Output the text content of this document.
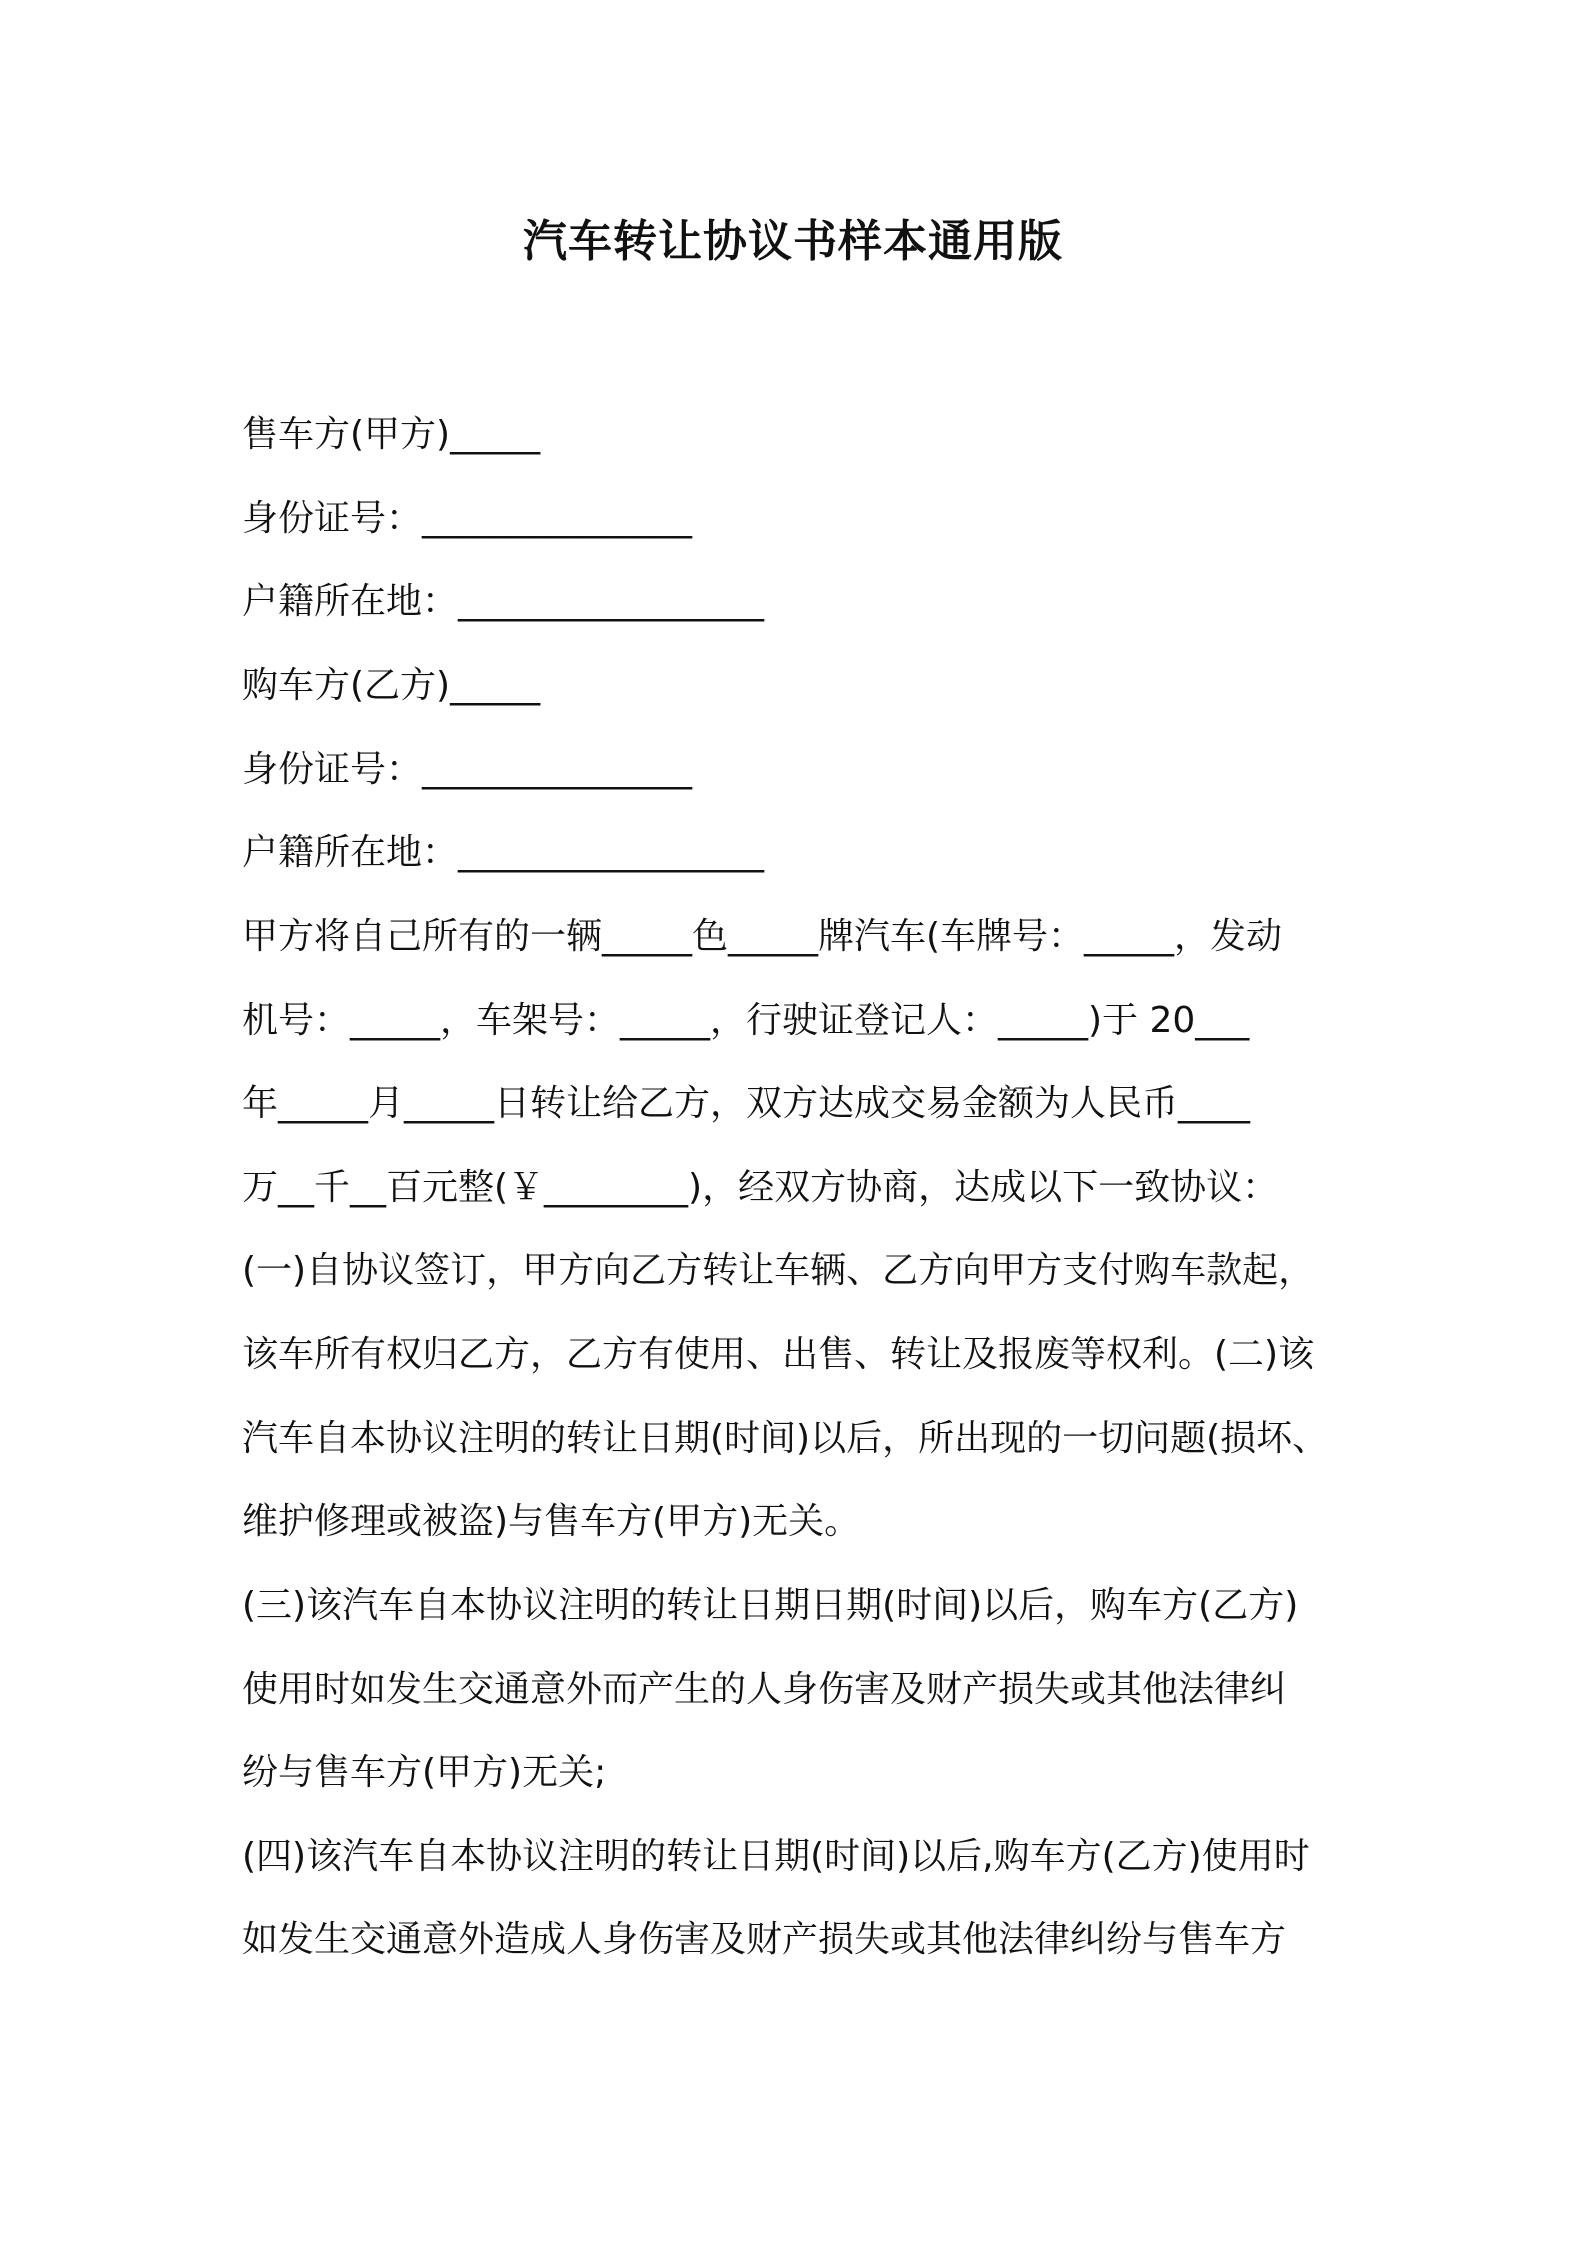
汽车转让协议书样本通用版
售车方(甲方)_____
身份证号：_______________
户籍所在地：_________________
购车方(乙方)_____
身份证号：_______________
户籍所在地：_________________
甲方将自己所有的一辆_____色_____牌汽车(车牌号：_____，发动
机号：_____，车架号：_____，行驶证登记人：_____)于 20___
年_____月_____日转让给乙方，双方达成交易金额为人民币____
万__千__百元整(￥________)，经双方协商，达成以下一致协议：
(一)自协议签订，甲方向乙方转让车辆、乙方向甲方支付购车款起，
该车所有权归乙方，乙方有使用、出售、转让及报废等权利。(二)该
汽车自本协议注明的转让日期(时间)以后，所出现的一切问题(损坏、
维护修理或被盗)与售车方(甲方)无关。
(三)该汽车自本协议注明的转让日期日期(时间)以后，购车方(乙方)
使用时如发生交通意外而产生的人身伤害及财产损失或其他法律纠
纷与售车方(甲方)无关;
(四)该汽车自本协议注明的转让日期(时间)以后,购车方(乙方)使用时
如发生交通意外造成人身伤害及财产损失或其他法律纠纷与售车方
